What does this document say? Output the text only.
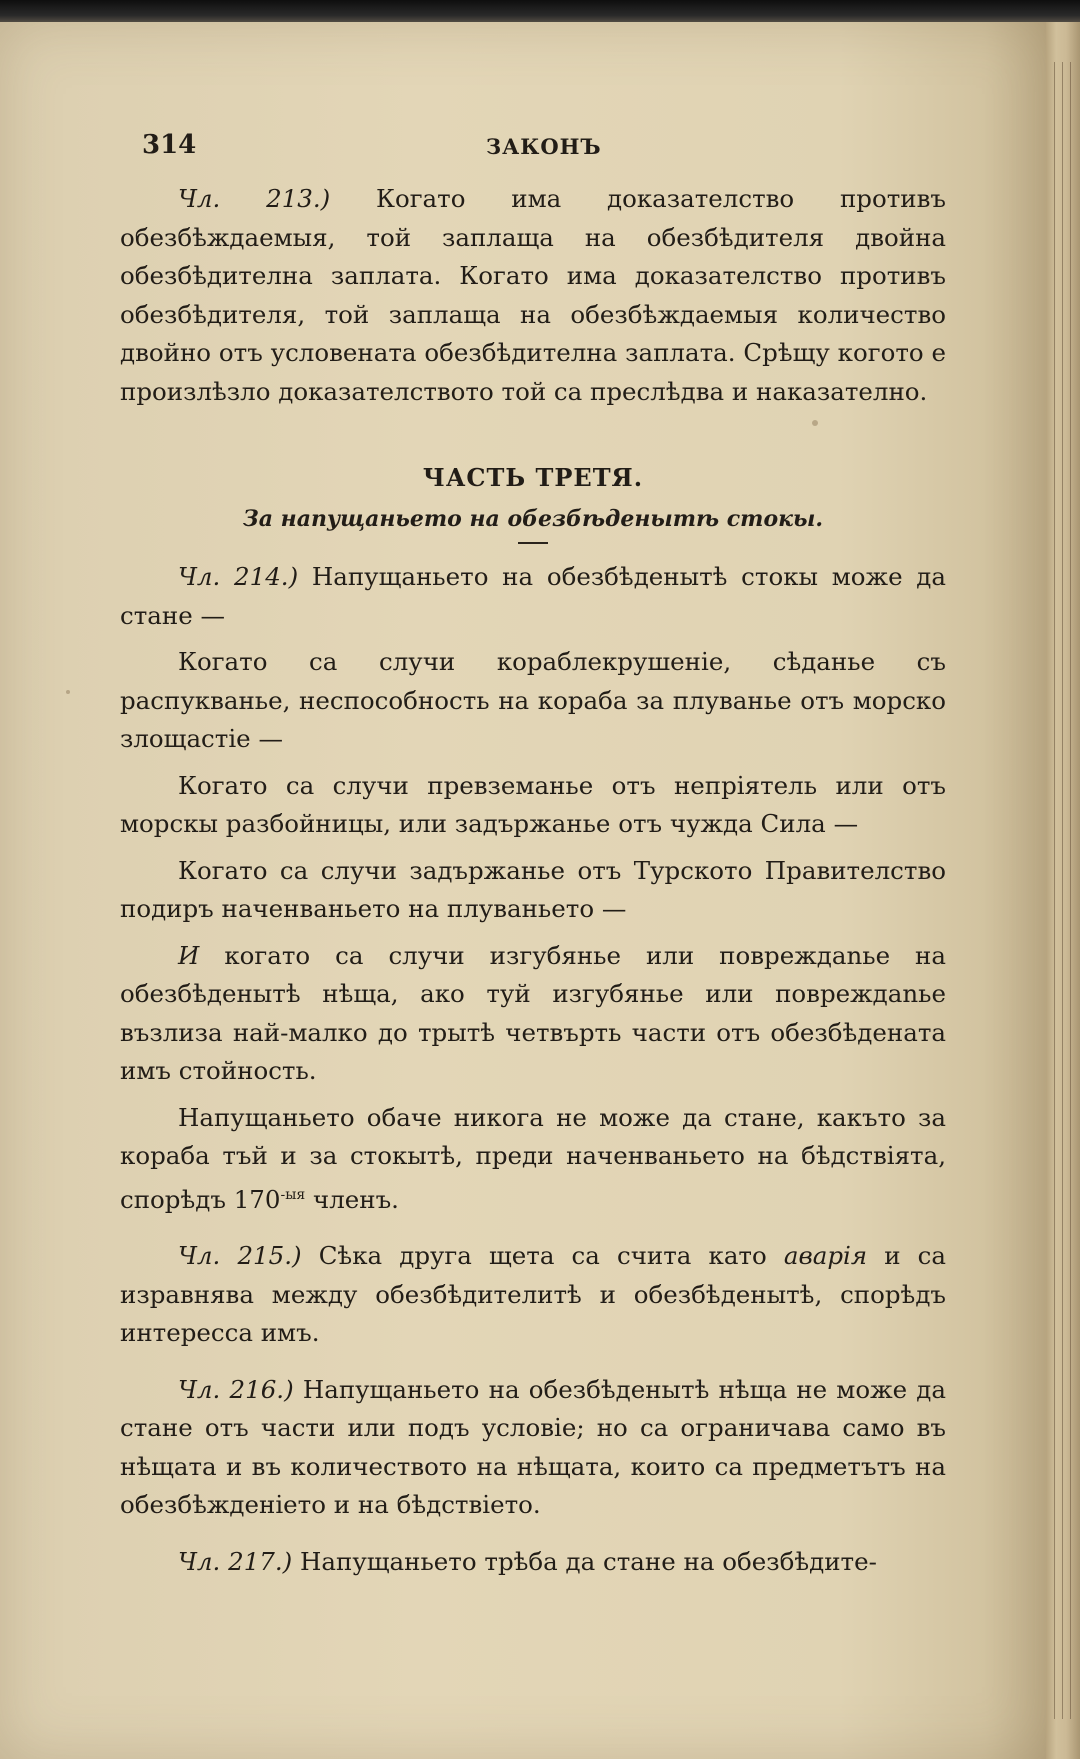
314	ЗАКОНЪ

Чл. 213.) Когато има доказателство противъ обезбѣждаемыя, той заплаща на обезбѣдителя двойна обезбѣдителна заплата. Когато има доказателство противъ обезбѣдителя, той заплаща на обезбѣждаемыя количество двойно отъ условената обезбѣдителна заплата. Срѣщу когото е произлѣзло доказателството той са преслѣдва и наказателно.

ЧАСТЬ ТРЕТЯ.
За напущаньето на обезбѣденытѣ стокы.

Чл. 214.) Напущаньето на обезбѣденытѣ стокы може да стане —

Когато са случи кораблекрушеніе, сѣданье съ распукванье, неспособность на кораба за плуванье отъ морско злощастіе —

Когато са случи превземанье отъ непріятель или отъ морскы разбойницы, или задържанье отъ чужда Сила —

Когато са случи задържанье отъ Турското Правителство подиръ наченваньето на плуваньето —

И когато са случи изгубянье или повреждаnье на обезбѣденытѣ нѣща, ако туй изгубянье или повреждаnье възлиза най-малко до трытѣ четвърть части отъ обезбѣдената имъ стойность.

Напущаньето обаче никога не може да стане, какъто за кораба тъй и за стокытѣ, преди наченваньето на бѣдствіята, спорѣдъ $170^{-ыя}$ членъ.

Чл. 215.) Сѣка друга щета са счита като аварія и са изравнява между обезбѣдителитѣ и обезбѣденытѣ, спорѣдъ интересса имъ.

Чл. 216.) Напущаньето на обезбѣденытѣ нѣща не може да стане отъ части или подъ условіе; но са ограничава само въ нѣщата и въ количеството на нѣщата, които са предметътъ на обезбѣжденіето и на бѣдствіето.

Чл. 217.) Напущаньето трѣба да стане на обезбѣдите-
